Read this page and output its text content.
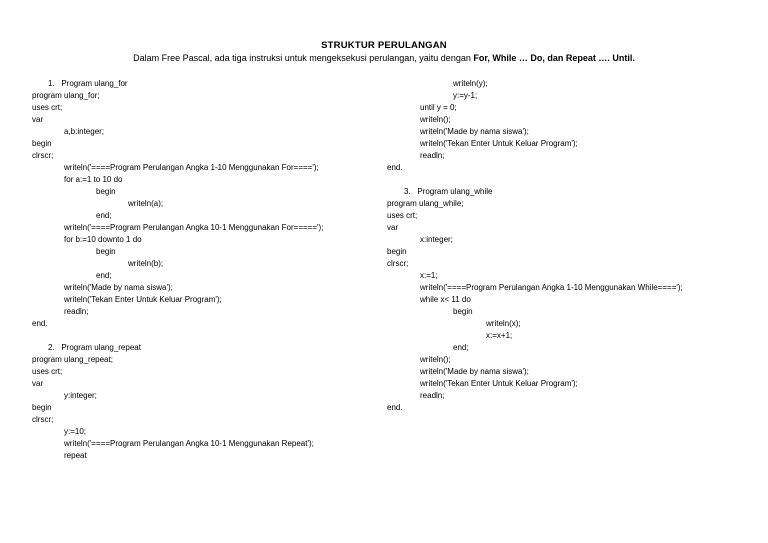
STRUKTUR PERULANGAN
Dalam Free Pascal, ada tiga instruksi untuk mengeksekusi perulangan, yaitu dengan For, While … Do, dan Repeat …. Until.
1.   Program ulang_for
program ulang_for;
uses crt;
var
a,b:integer;
begin
clrscr;
writeln('====Program Perulangan Angka 1-10 Menggunakan For====');
for a:=1 to 10 do
begin
writeln(a);
end;
writeln('====Program Perulangan Angka 10-1 Menggunakan For=====');
for b:=10 downto 1 do
begin
writeln(b);
end;
writeln('Made by nama siswa');
writeln('Tekan Enter Untuk Keluar Program');
readln;
end.
2.   Program ulang_repeat
program ulang_repeat;
uses crt;
var
y:integer;
begin
clrscr;
y:=10;
writeln('====Program Perulangan Angka 10-1 Menggunakan Repeat');
repeat
writeln(y);
y:=y-1;
until y = 0;
writeln();
writeln('Made by nama siswa');
writeln('Tekan Enter Untuk Keluar Program');
readln;
end.
3.   Program ulang_while
program ulang_while;
uses crt;
var
x:integer;
begin
clrscr;
x:=1;
writeln('====Program Perulangan Angka 1-10 Menggunakan While====');
while x< 11 do
begin
writeln(x);
x:=x+1;
end;
writeln();
writeln('Made by nama siswa');
writeln('Tekan Enter Untuk Keluar Program');
readln;
end.
